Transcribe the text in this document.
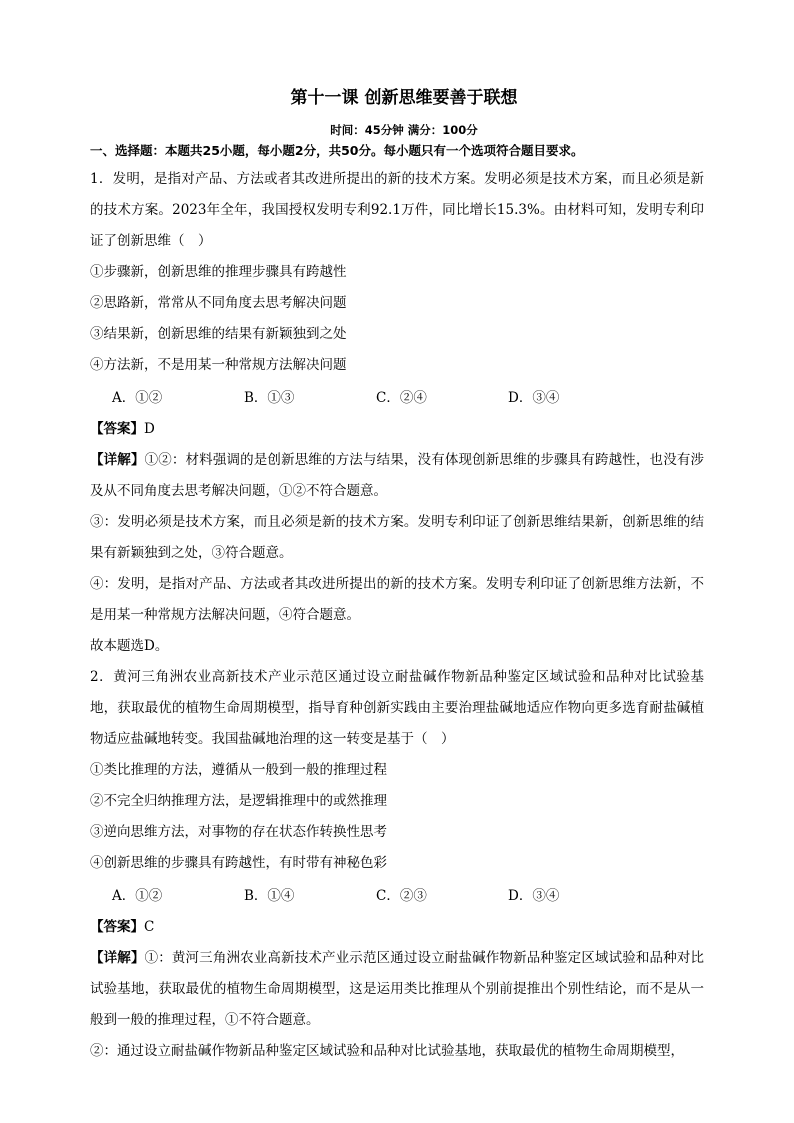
第十一课 创新思维要善于联想
时间：45分钟 满分：100分
一、选择题：本题共25小题，每小题2分，共50分。每小题只有一个选项符合题目要求。

1．发明，是指对产品、方法或者其改进所提出的新的技术方案。发明必须是技术方案，而且必须是新的技术方案。2023年全年，我国授权发明专利92.1万件，同比增长15.3%。由材料可知，发明专利印证了创新思维（　）

①步骤新，创新思维的推理步骤具有跨越性

②思路新，常常从不同角度去思考解决问题

③结果新，创新思维的结果有新颖独到之处

④方法新，不是用某一种常规方法解决问题

A．①②	B．①③	C．②④	D．③④

【答案】D

【详解】①②：材料强调的是创新思维的方法与结果，没有体现创新思维的步骤具有跨越性，也没有涉及从不同角度去思考解决问题，①②不符合题意。

③：发明必须是技术方案，而且必须是新的技术方案。发明专利印证了创新思维结果新，创新思维的结果有新颖独到之处，③符合题意。

④：发明，是指对产品、方法或者其改进所提出的新的技术方案。发明专利印证了创新思维方法新，不是用某一种常规方法解决问题，④符合题意。

故本题选D。

2．黄河三角洲农业高新技术产业示范区通过设立耐盐碱作物新品种鉴定区域试验和品种对比试验基地，获取最优的植物生命周期模型，指导育种创新实践由主要治理盐碱地适应作物向更多选育耐盐碱植物适应盐碱地转变。我国盐碱地治理的这一转变是基于（　）

①类比推理的方法，遵循从一般到一般的推理过程

②不完全归纳推理方法，是逻辑推理中的或然推理

③逆向思维方法，对事物的存在状态作转换性思考

④创新思维的步骤具有跨越性，有时带有神秘色彩

A．①②	B．①④	C．②③	D．③④

【答案】C

【详解】①：黄河三角洲农业高新技术产业示范区通过设立耐盐碱作物新品种鉴定区域试验和品种对比试验基地，获取最优的植物生命周期模型，这是运用类比推理从个别前提推出个别性结论，而不是从一般到一般的推理过程，①不符合题意。

②：通过设立耐盐碱作物新品种鉴定区域试验和品种对比试验基地，获取最优的植物生命周期模型，
